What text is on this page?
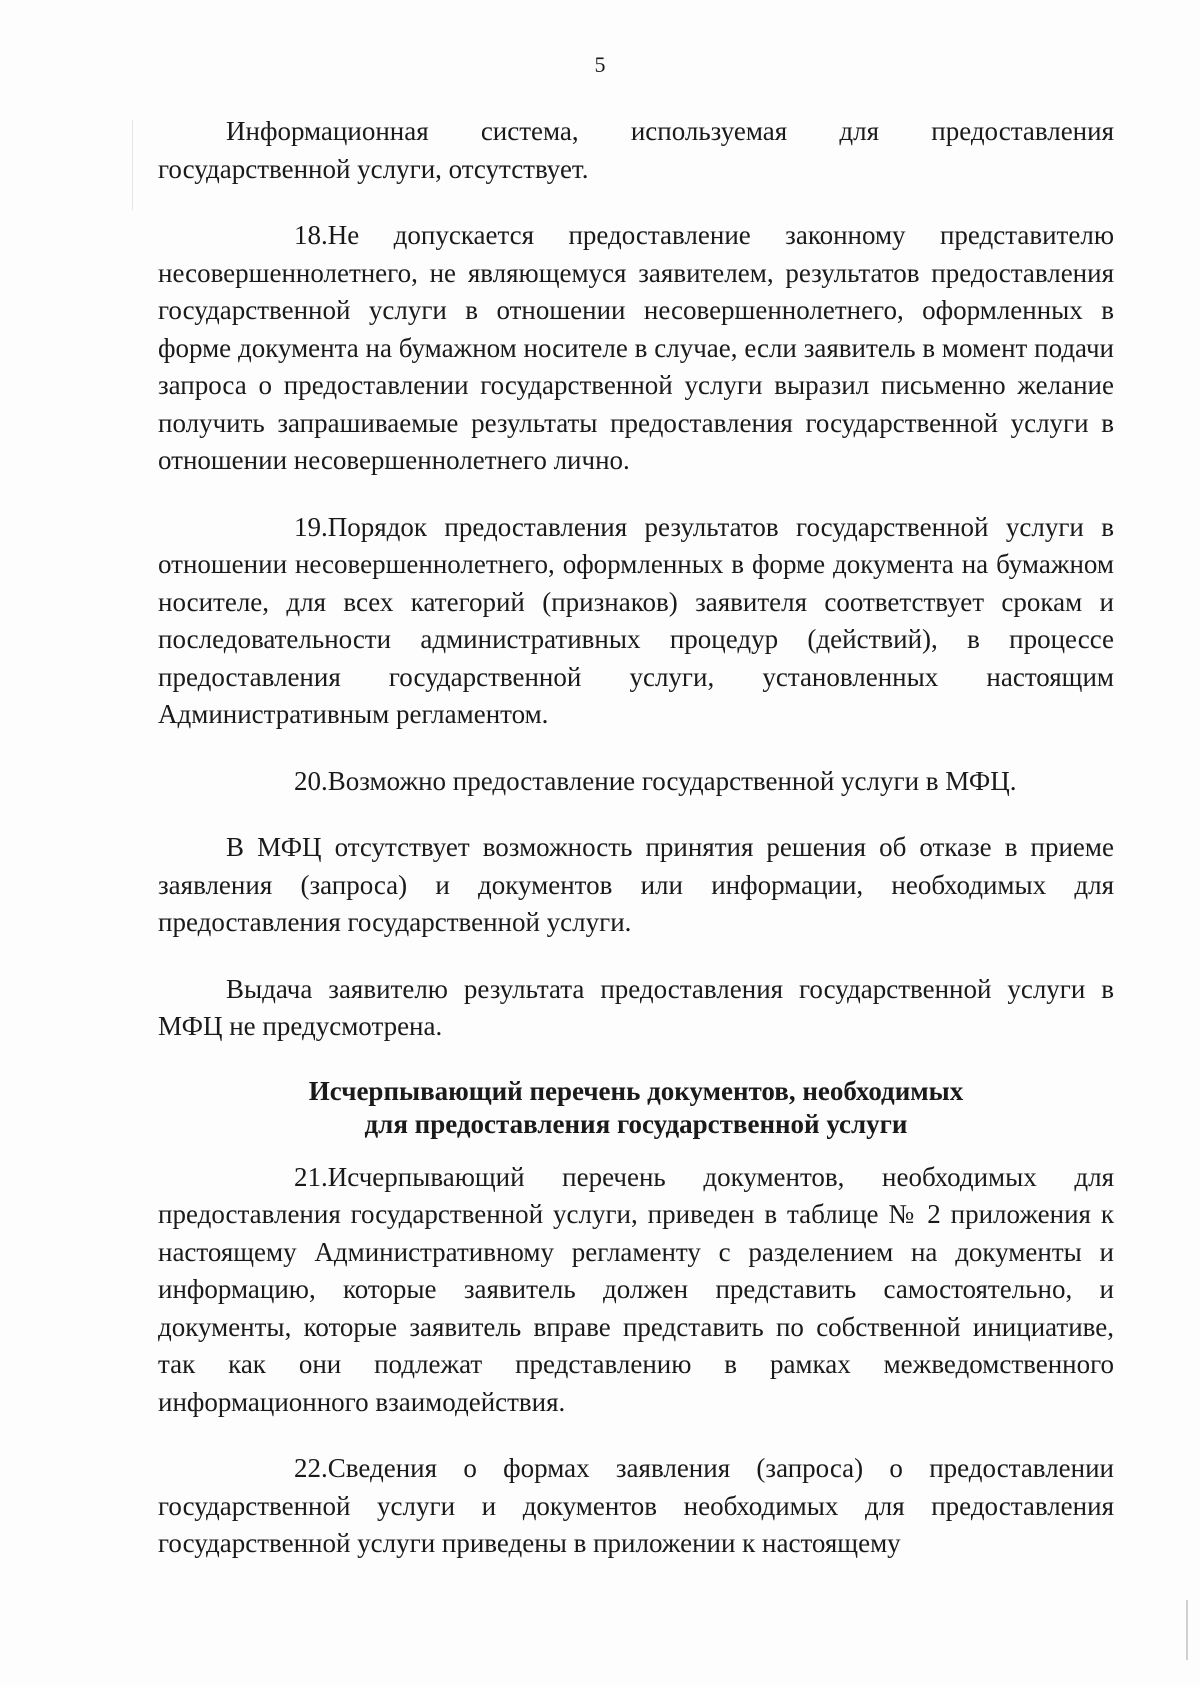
5

Информационная система, используемая для предоставления государственной услуги, отсутствует.

18.Не допускается предоставление законному представителю несовершеннолетнего, не являющемуся заявителем, результатов предоставления государственной услуги в отношении несовершеннолетнего, оформленных в форме документа на бумажном носителе в случае, если заявитель в момент подачи запроса о предоставлении государственной услуги выразил письменно желание получить запрашиваемые результаты предоставления государственной услуги в отношении несовершеннолетнего лично.

19.Порядок предоставления результатов государственной услуги в отношении несовершеннолетнего, оформленных в форме документа на бумажном носителе, для всех категорий (признаков) заявителя соответствует срокам и последовательности административных процедур (действий), в процессе предоставления государственной услуги, установленных настоящим Административным регламентом.

20.Возможно предоставление государственной услуги в МФЦ.

В МФЦ отсутствует возможность принятия решения об отказе в приеме заявления (запроса) и документов или информации, необходимых для предоставления государственной услуги.

Выдача заявителю результата предоставления государственной услуги в МФЦ не предусмотрена.

Исчерпывающий перечень документов, необходимых
для предоставления государственной услуги

21.Исчерпывающий перечень документов, необходимых для предоставления государственной услуги, приведен в таблице № 2 приложения к настоящему Административному регламенту с разделением на документы и информацию, которые заявитель должен представить самостоятельно, и документы, которые заявитель вправе представить по собственной инициативе, так как они подлежат представлению в рамках межведомственного информационного взаимодействия.

22.Сведения о формах заявления (запроса) о предоставлении государственной услуги и документов необходимых для предоставления государственной услуги приведены в приложении к настоящему
